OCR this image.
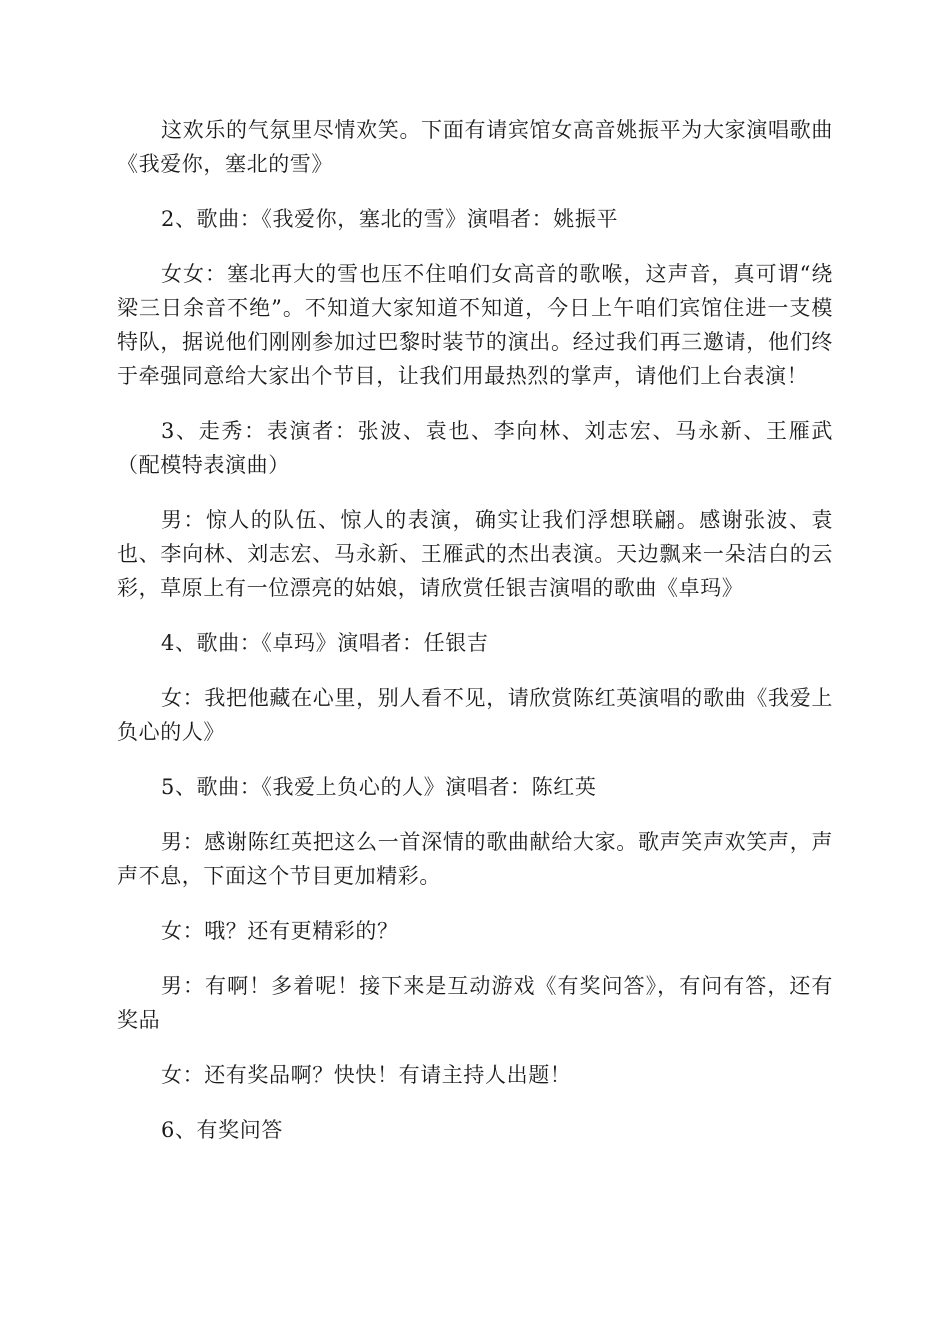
这欢乐的气氛里尽情欢笑。下面有请宾馆女高音姚振平为大家演唱歌曲《我爱你，塞北的雪》

2、歌曲：《我爱你，塞北的雪》演唱者：姚振平

女女：塞北再大的雪也压不住咱们女高音的歌喉，这声音，真可谓“绕梁三日余音不绝”。不知道大家知道不知道，今日上午咱们宾馆住进一支模特队，据说他们刚刚参加过巴黎时装节的演出。经过我们再三邀请，他们终于牵强同意给大家出个节目，让我们用最热烈的掌声，请他们上台表演！

3、走秀：表演者：张波、袁也、李向林、刘志宏、马永新、王雁武（配模特表演曲）

男：惊人的队伍、惊人的表演，确实让我们浮想联翩。感谢张波、袁也、李向林、刘志宏、马永新、王雁武的杰出表演。天边飘来一朵洁白的云彩，草原上有一位漂亮的姑娘，请欣赏任银吉演唱的歌曲《卓玛》

4、歌曲：《卓玛》演唱者：任银吉

女：我把他藏在心里，别人看不见，请欣赏陈红英演唱的歌曲《我爱上负心的人》

5、歌曲：《我爱上负心的人》演唱者：陈红英

男：感谢陈红英把这么一首深情的歌曲献给大家。歌声笑声欢笑声，声声不息，下面这个节目更加精彩。

女：哦？还有更精彩的？

男：有啊！多着呢！接下来是互动游戏《有奖问答》，有问有答，还有奖品

女：还有奖品啊？快快！有请主持人出题！

6、有奖问答
